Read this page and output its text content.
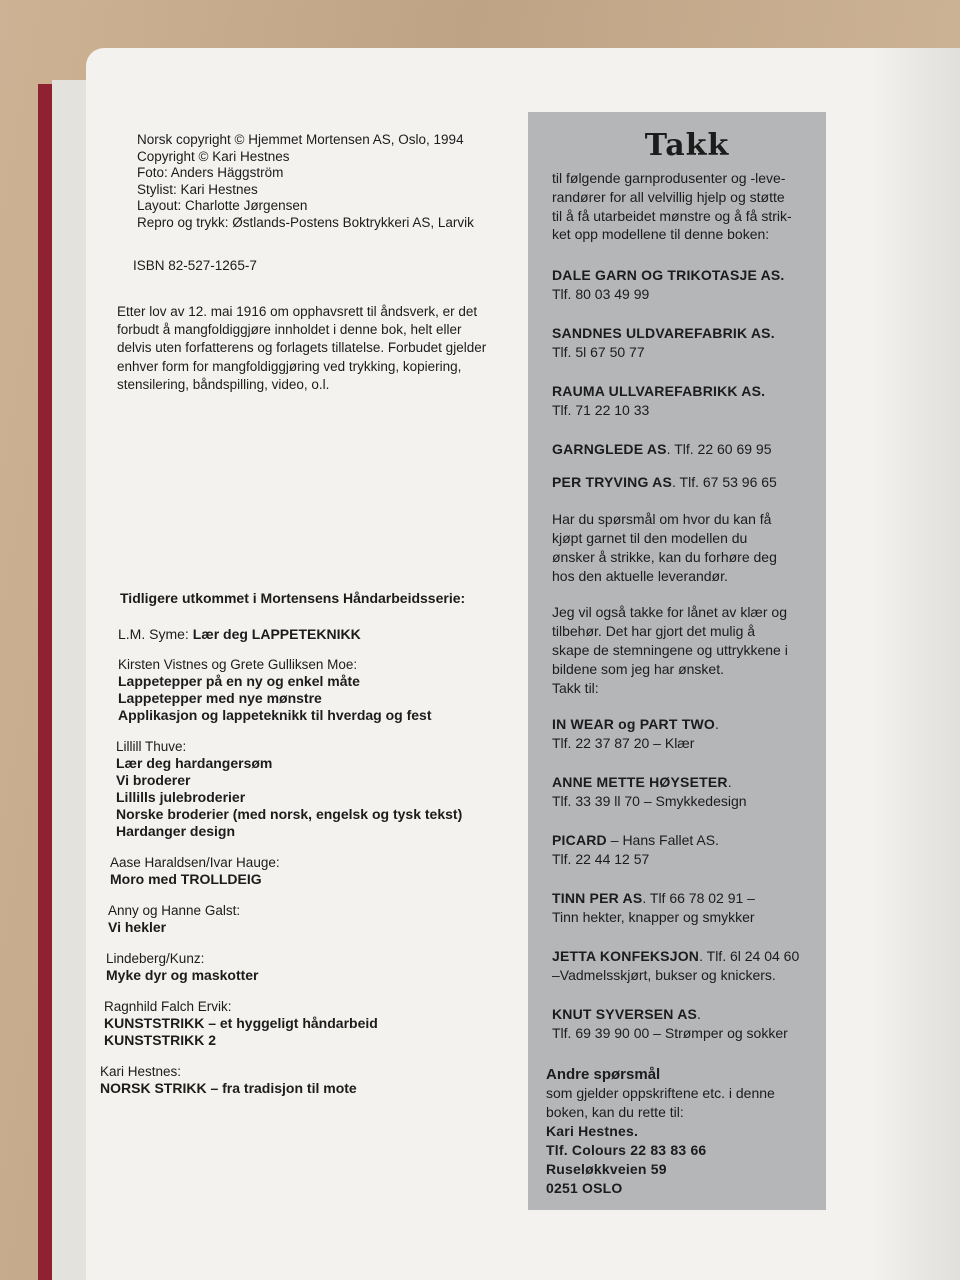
Norsk copyright © Hjemmet Mortensen AS, Oslo, 1994
Copyright © Kari Hestnes
Foto: Anders Häggström
Stylist: Kari Hestnes
Layout: Charlotte Jørgensen
Repro og trykk: Østlands-Postens Boktrykkeri AS, Larvik
ISBN 82-527-1265-7
Etter lov av 12. mai 1916 om opphavsrett til åndsverk, er det
forbudt å mangfoldiggjøre innholdet i denne bok, helt eller
delvis uten forfatterens og forlagets tillatelse. Forbudet gjelder
enhver form for mangfoldiggjøring ved trykking, kopiering,
stensilering, båndspilling, video, o.l.
Tidligere utkommet i Mortensens Håndarbeidsserie:
L.M. Syme: Lær deg LAPPETEKNIKK
Kirsten Vistnes og Grete Gulliksen Moe:
Lappetepper på en ny og enkel måte
Lappetepper med nye mønstre
Applikasjon og lappeteknikk til hverdag og fest
Lillill Thuve:
Lær deg hardangersøm
Vi broderer
Lillills julebroderier
Norske broderier (med norsk, engelsk og tysk tekst)
Hardanger design
Aase Haraldsen/Ivar Hauge:
Moro med TROLLDEIG
Anny og Hanne Galst:
Vi hekler
Lindeberg/Kunz:
Myke dyr og maskotter
Ragnhild Falch Ervik:
KUNSTSTRIKK – et hyggeligt håndarbeid
KUNSTSTRIKK 2
Kari Hestnes:
NORSK STRIKK – fra tradisjon til mote
Takk

til følgende garnprodusenter og -leve-
randører for all velvillig hjelp og støtte
til å få utarbeidet mønstre og å få strik-
ket opp modellene til denne boken:

DALE GARN OG TRIKOTASJE AS.
Tlf. 80 03 49 99
SANDNES ULDVAREFABRIK AS.
Tlf. 5l 67 50 77
RAUMA ULLVAREFABRIKK AS.
Tlf. 71 22 10 33
GARNGLEDE AS. Tlf. 22 60 69 95
PER TRYVING AS. Tlf. 67 53 96 65

Har du spørsmål om hvor du kan få
kjøpt garnet til den modellen du
ønsker å strikke, kan du forhøre deg
hos den aktuelle leverandør.

Jeg vil også takke for lånet av klær og
tilbehør. Det har gjort det mulig å
skape de stemningene og uttrykkene i
bildene som jeg har ønsket.
Takk til:

IN WEAR og PART TWO.
Tlf. 22 37 87 20 – Klær
ANNE METTE HØYSETER.
Tlf. 33 39 ll 70 – Smykkedesign
PICARD – Hans Fallet AS.
Tlf. 22 44 12 57
TINN PER AS. Tlf 66 78 02 91 –
Tinn hekter, knapper og smykker
JETTA KONFEKSJON. Tlf. 6l 24 04 60
–Vadmelsskjørt, bukser og knickers.
KNUT SYVERSEN AS.
Tlf. 69 39 90 00 – Strømper og sokker
Andre spørsmål
som gjelder oppskriftene etc. i denne
boken, kan du rette til:
Kari Hestnes.
Tlf. Colours 22 83 83 66
Ruseløkkveien 59
0251 OSLO
